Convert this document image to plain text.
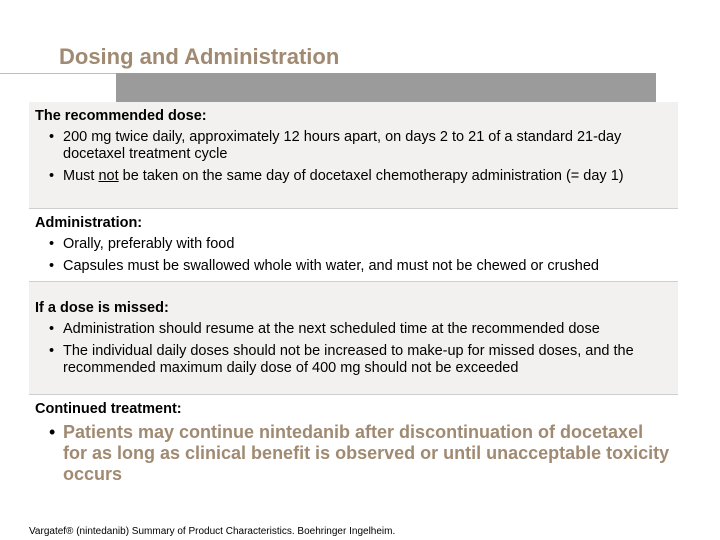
Dosing and Administration

The recommended dose:

• 200 mg twice daily, approximately 12 hours apart, on days 2 to 21 of a standard 21-day docetaxel treatment cycle
• Must not be taken on the same day of docetaxel chemotherapy administration (= day 1)

Administration:

• Orally, preferably with food
• Capsules must be swallowed whole with water, and must not be chewed or crushed

If a dose is missed:

• Administration should resume at the next scheduled time at the recommended dose
• The individual daily doses should not be increased to make-up for missed doses, and the recommended maximum daily dose of 400 mg should not be exceeded

Continued treatment:

• Patients may continue nintedanib after discontinuation of docetaxel for as long as clinical benefit is observed or until unacceptable toxicity occurs
Vargatef® (nintedanib) Summary of Product Characteristics. Boehringer Ingelheim.
